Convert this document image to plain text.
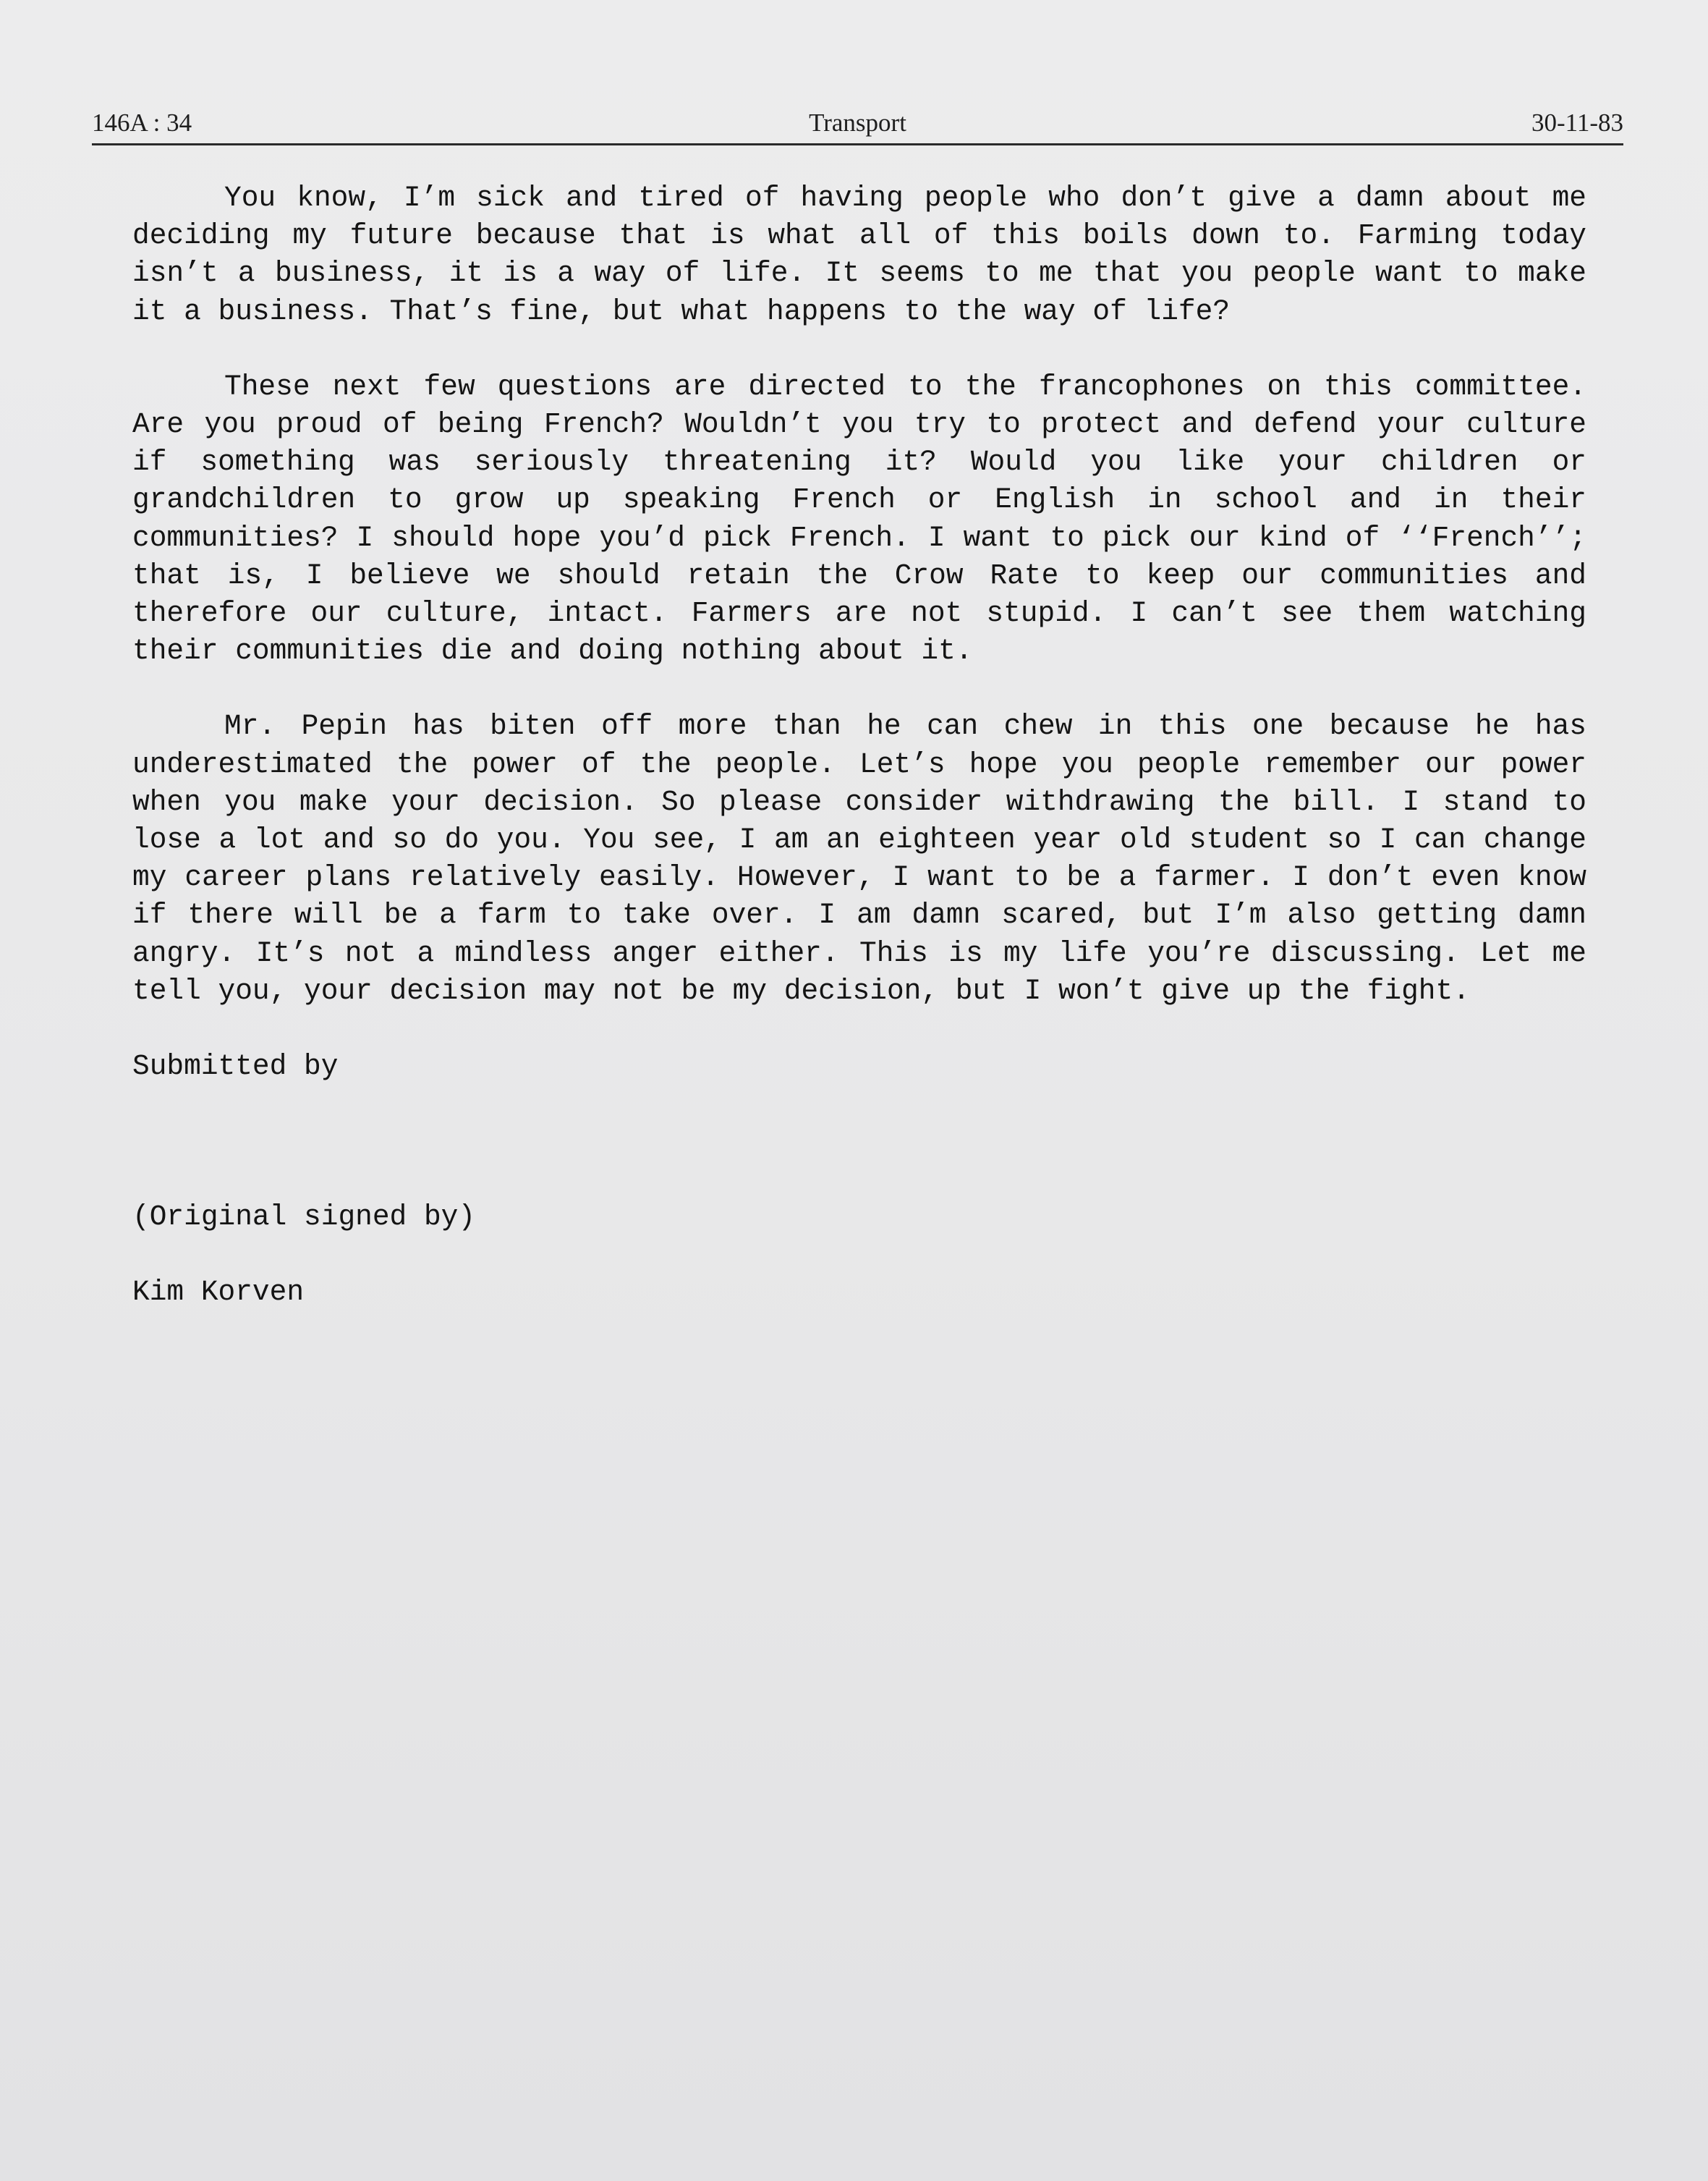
146A : 34	Transport	30-11-83

You know, I’m sick and tired of having people who don’t give a damn about me deciding my future because that is what all of this boils down to. Farming today isn’t a business, it is a way of life. It seems to me that you people want to make it a business. That’s fine, but what happens to the way of life?

These next few questions are directed to the francophones on this committee. Are you proud of being French? Wouldn’t you try to protect and defend your culture if something was seriously threatening it? Would you like your children or grandchildren to grow up speaking French or English in school and in their communities? I should hope you’d pick French. I want to pick our kind of ‘‘French’’; that is, I believe we should retain the Crow Rate to keep our communities and therefore our culture, intact. Farmers are not stupid. I can’t see them watching their communities die and doing nothing about it.

Mr. Pepin has biten off more than he can chew in this one because he has underestimated the power of the people. Let’s hope you people remember our power when you make your decision. So please consider withdrawing the bill. I stand to lose a lot and so do you. You see, I am an eighteen year old student so I can change my career plans relatively easily. However, I want to be a farmer. I don’t even know if there will be a farm to take over. I am damn scared, but I’m also getting damn angry. It’s not a mindless anger either. This is my life you’re discussing. Let me tell you, your decision may not be my decision, but I won’t give up the fight.

Submitted by

(Original signed by)

Kim Korven
